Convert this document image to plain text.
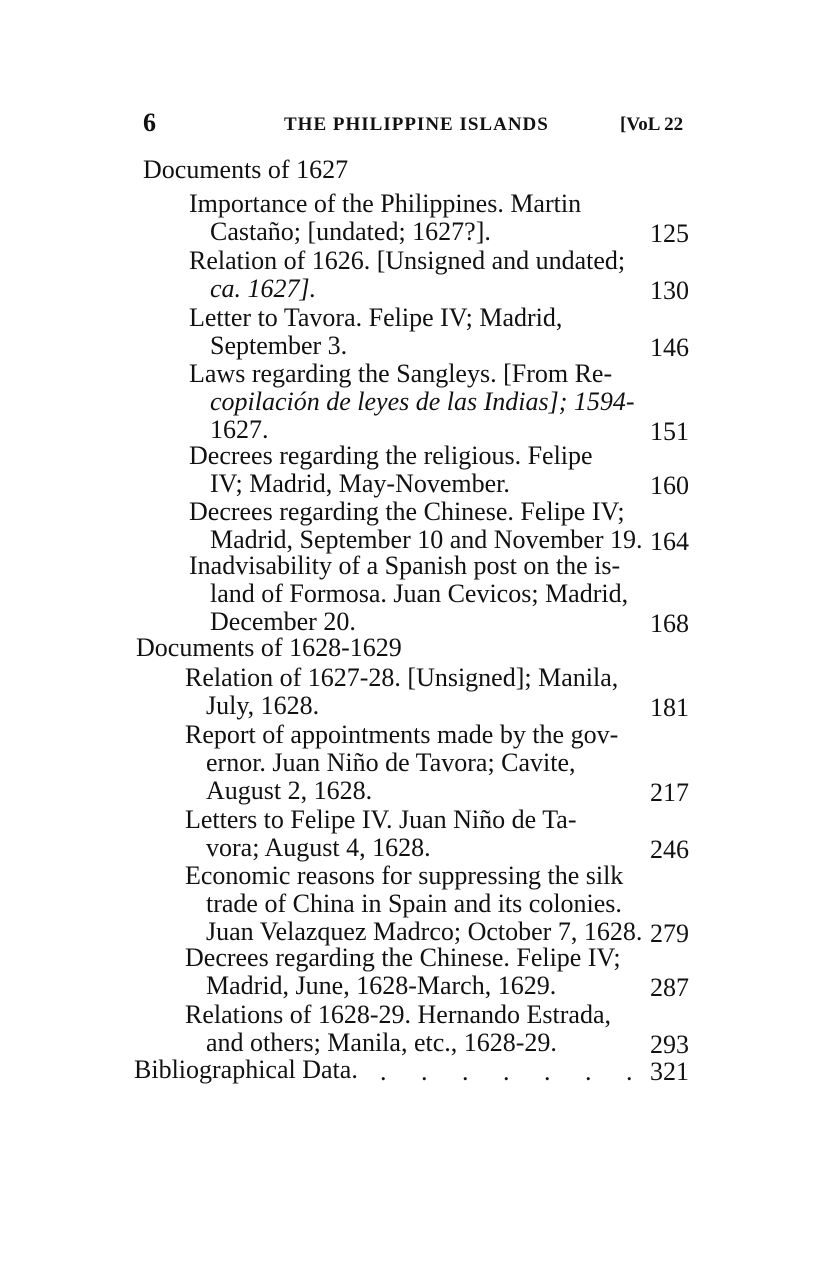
6	THE PHILIPPINE ISLANDS	[VoL 22
Documents of 1627
Importance of the Philippines. Martin
Castaño; [undated; 1627?].	125
Relation of 1626. [Unsigned and undated;
ca. 1627].	130
Letter to Tavora. Felipe IV; Madrid,
September 3.	146
Laws regarding the Sangleys. [From Re-
copilación de leyes de las Indias]; 1594-
1627.	151
Decrees regarding the religious. Felipe
IV; Madrid, May-November.	160
Decrees regarding the Chinese. Felipe IV;
Madrid, September 10 and November 19. 164
Inadvisability of a Spanish post on the is-
land of Formosa. Juan Cevicos; Madrid,
December 20.	168
Documents of 1628-1629
Relation of 1627-28. [Unsigned]; Manila,
July, 1628.	181
Report of appointments made by the gov-
ernor. Juan Niño de Tavora; Cavite,
August 2, 1628.	217
Letters to Felipe IV. Juan Niño de Ta-
vora; August 4, 1628.	246
Economic reasons for suppressing the silk
trade of China in Spain and its colonies.
Juan Velazquez Madrco; October 7, 1628. 279
Decrees regarding the Chinese. Felipe IV;
Madrid, June, 1628-March, 1629.	287
Relations of 1628-29. Hernando Estrada,
and others; Manila, etc., 1628-29.	293
Bibliographical Data. . . . . . . . 321
